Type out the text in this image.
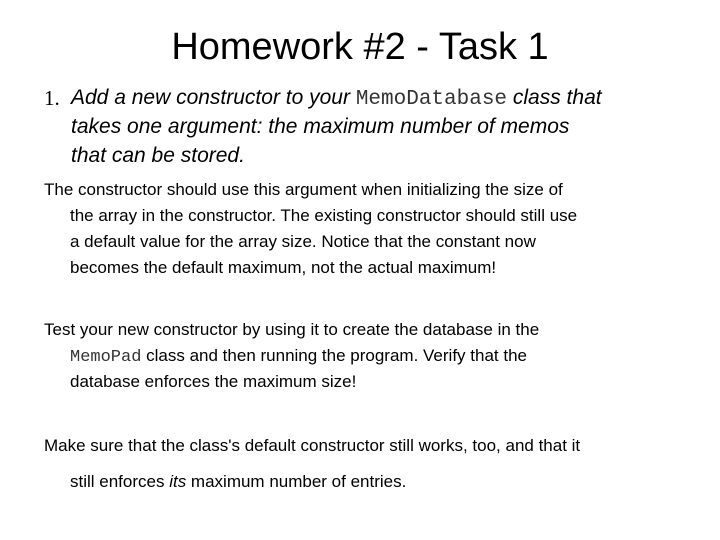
Homework #2 - Task 1
1. Add a new constructor to your MemoDatabase class that
takes one argument: the maximum number of memos
that can be stored.
The constructor should use this argument when initializing the size of
the array in the constructor. The existing constructor should still use
a default value for the array size. Notice that the constant now
becomes the default maximum, not the actual maximum!
Test your new constructor by using it to create the database in the
MemoPad class and then running the program. Verify that the
database enforces the maximum size!
Make sure that the class's default constructor still works, too, and that it
still enforces its maximum number of entries.
